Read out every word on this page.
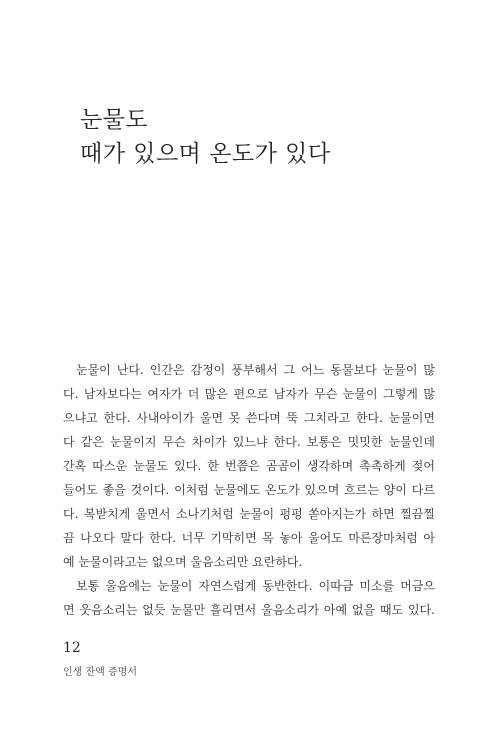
눈물도
때가 있으며 온도가 있다
눈물이 난다. 인간은 감정이 풍부해서 그 어느 동물보다 눈물이 많
다. 남자보다는 여자가 더 많은 편으로 남자가 무슨 눈물이 그렇게 많
으냐고 한다. 사내아이가 울면 못 쓴다며 뚝 그치라고 한다. 눈물이면
다 같은 눈물이지 무슨 차이가 있느냐 한다. 보통은 밋밋한 눈물인데
간혹 따스운 눈물도 있다. 한 번쯤은 곰곰이 생각하며 촉촉하게 젖어
들어도 좋을 것이다. 이처럼 눈물에도 온도가 있으며 흐르는 양이 다르
다. 복받치게 울면서 소나기처럼 눈물이 펑펑 쏟아지는가 하면 찔끔찔
끔 나오다 말다 한다. 너무 기막히면 목 놓아 울어도 마른장마처럼 아
예 눈물이라고는 없으며 울음소리만 요란하다.
보통 울음에는 눈물이 자연스럽게 동반한다. 이따금 미소를 머금으
면 웃음소리는 없듯 눈물만 흘리면서 울음소리가 아예 없을 때도 있다.
12
인생 잔액 증명서
